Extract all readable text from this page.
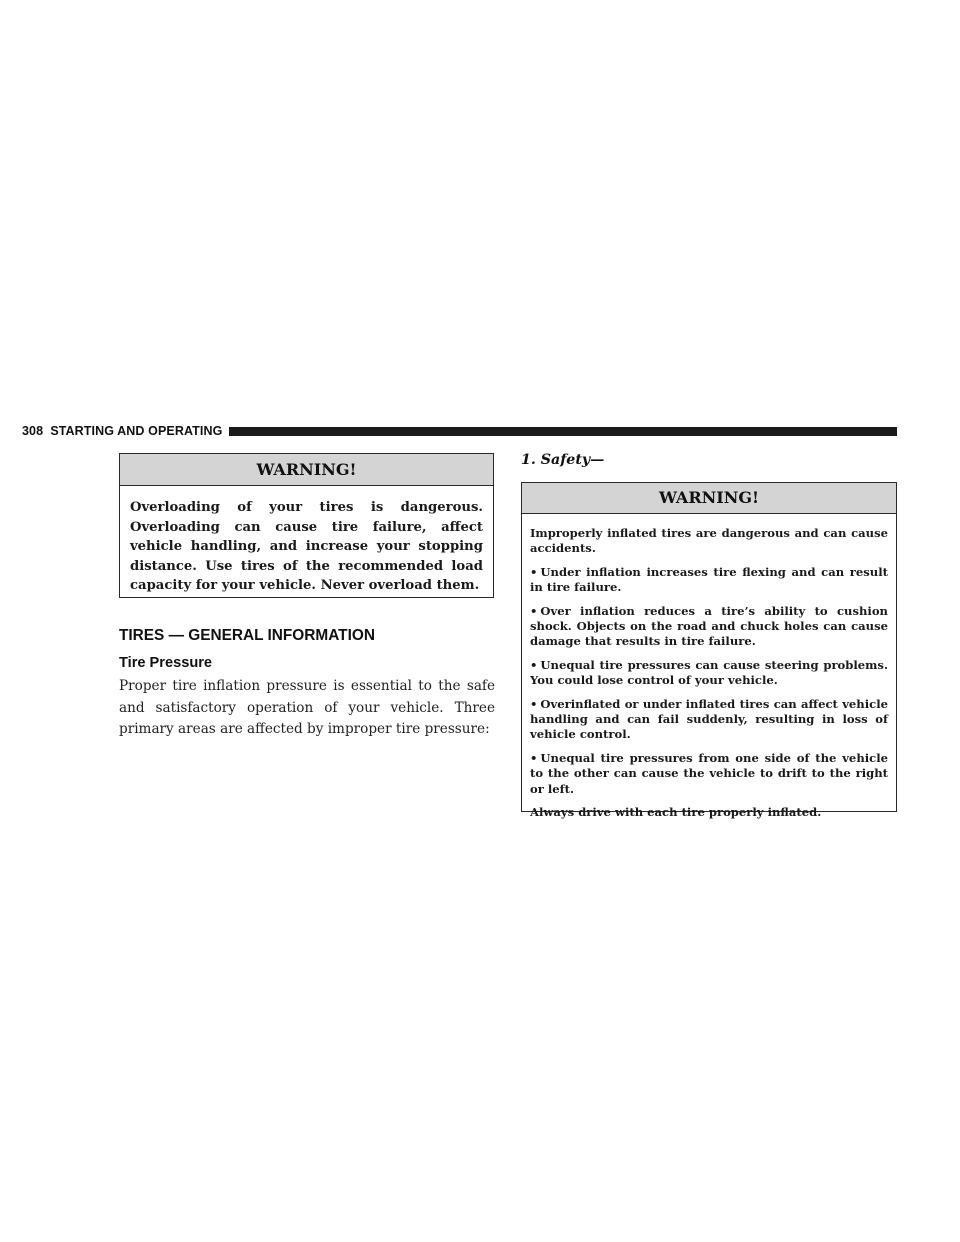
308 STARTING AND OPERATING
WARNING!
Overloading of your tires is dangerous. Overloading can cause tire failure, affect vehicle handling, and increase your stopping distance. Use tires of the recommended load capacity for your vehicle. Never overload them.
TIRES — GENERAL INFORMATION
Tire Pressure
Proper tire inflation pressure is essential to the safe and satisfactory operation of your vehicle. Three primary areas are affected by improper tire pressure:
1. Safety—
WARNING!

Improperly inflated tires are dangerous and can cause accidents.

• Under inflation increases tire flexing and can result in tire failure.

• Over inflation reduces a tire’s ability to cushion shock. Objects on the road and chuck holes can cause damage that results in tire failure.

• Unequal tire pressures can cause steering problems. You could lose control of your vehicle.

• Overinflated or under inflated tires can affect vehicle handling and can fail suddenly, resulting in loss of vehicle control.

• Unequal tire pressures from one side of the vehicle to the other can cause the vehicle to drift to the right or left.

Always drive with each tire properly inflated.
